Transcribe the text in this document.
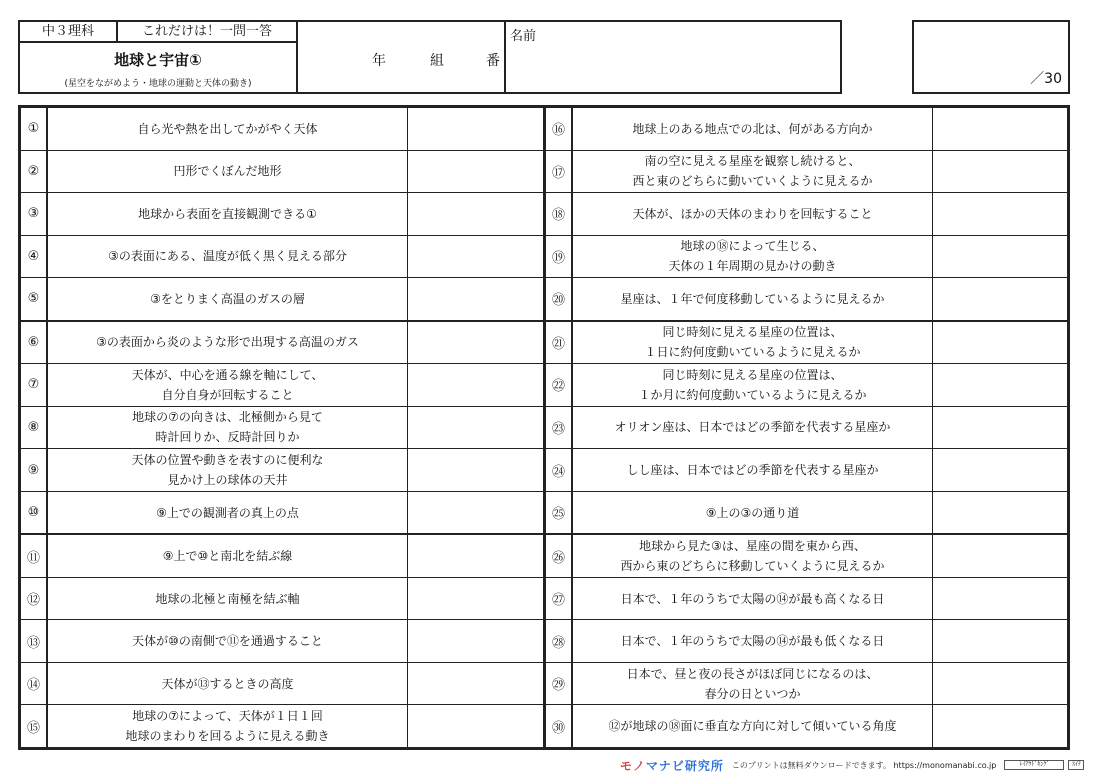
中３理科	これだけは！一問一答
地球と宇宙①
(星空をながめよう・地球の運動と天体の動き)
年	組	番
名前
／30
①	自ら光や熱を出してかがやく天体
②	円形でくぼんだ地形
③	地球から表面を直接観測できる①
④	③の表面にある、温度が低く黒く見える部分
⑤	③をとりまく高温のガスの層
⑥	③の表面から炎のような形で出現する高温のガス
⑦
天体が、中心を通る線を軸にして、
自分自身が回転すること
⑧
地球の⑦の向きは、北極側から見て
時計回りか、反時計回りか
⑨
天体の位置や動きを表すのに便利な
見かけ上の球体の天井
⑩	⑨上での観測者の真上の点
⑪	⑨上で⑩と南北を結ぶ線
⑫	地球の北極と南極を結ぶ軸
⑬	天体が⑩の南側で⑪を通過すること
⑭	天体が⑬するときの高度
⑮
地球の⑦によって、天体が１日１回
地球のまわりを回るように見える動き
⑯	地球上のある地点での北は、何がある方向か
⑰
南の空に見える星座を観察し続けると、
西と東のどちらに動いていくように見えるか
⑱	天体が、ほかの天体のまわりを回転すること
⑲
地球の⑱によって生じる、
天体の１年周期の見かけの動き
⑳	星座は、１年で何度移動しているように見えるか
㉑
同じ時刻に見える星座の位置は、
１日に約何度動いているように見えるか
㉒
同じ時刻に見える星座の位置は、
１か月に約何度動いているように見えるか
㉓	オリオン座は、日本ではどの季節を代表する星座か
㉔	しし座は、日本ではどの季節を代表する星座か
㉕	⑨上の③の通り道
㉖
地球から見た③は、星座の間を東から西、
西から東のどちらに移動していくように見えるか
㉗	日本で、１年のうちで太陽の⑭が最も高くなる日
㉘	日本で、１年のうちで太陽の⑭が最も低くなる日
㉙
日本で、昼と夜の長さがほぼ同じになるのは、
春分の日といつか
㉚	⑫が地球の⑱面に垂直な方向に対して傾いている角度
モノマナビ研究所 このプリントは無料ダウンロードできます。 https://monomanabi.co.jp	ﾚｲｱｳﾄﾞｷﾝｸﾞ	ｽｲﾃ
